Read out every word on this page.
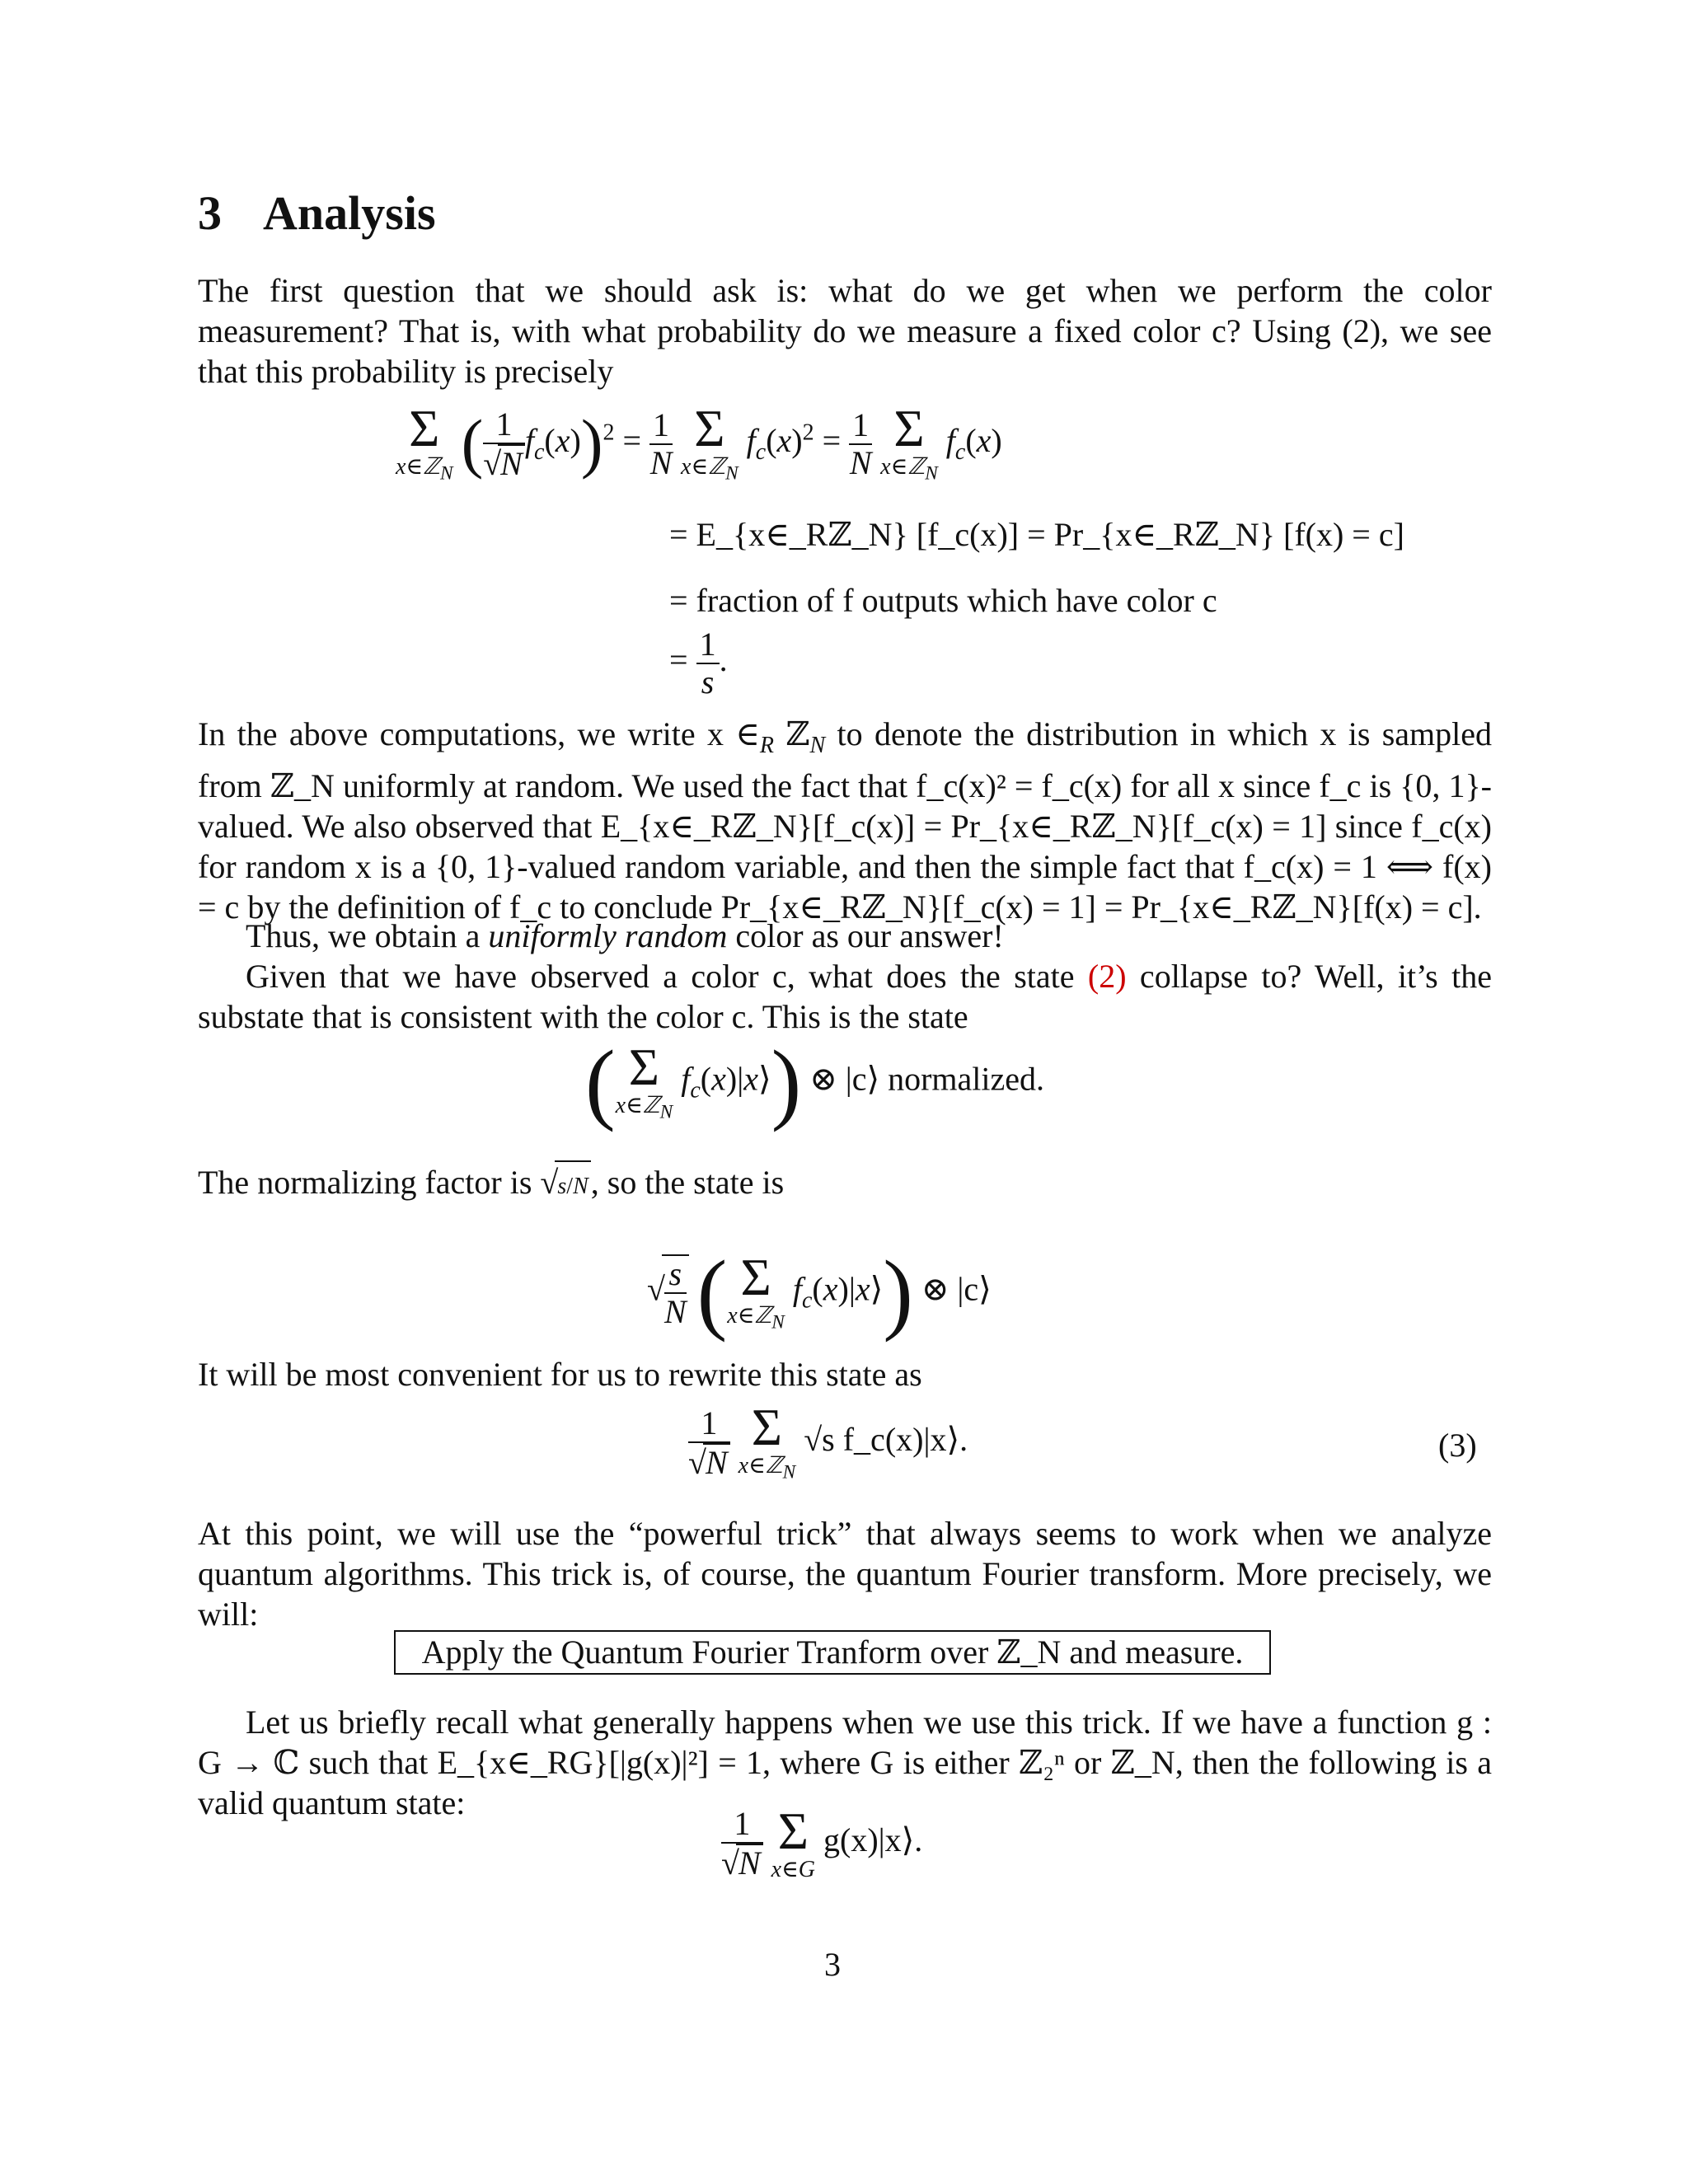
3 Analysis
The first question that we should ask is: what do we get when we perform the color measurement? That is, with what probability do we measure a fixed color c? Using (2), we see that this probability is precisely
Σ
x∈ℤ$_N$ ( $\frac{1}{√N} f_c(x))^2 = \frac{1}{N}$
Σ
x∈ℤ$_N$
$f_c(x)^2 = \frac{1}{N}$
Σ
x∈ℤ$_N$
$f_c(x)$
= E_{x∈_Rℤ_N} [f_c(x)] = Pr_{x∈_Rℤ_N} [f(x) = c]
= fraction of f outputs which have color c
= $\frac{1}{s}$ .
In the above computations, we write x $\in_R$ ℤ$_N$ to denote the distribution in which x is sampled from ℤ_N uniformly at random. We used the fact that f_c(x)² = f_c(x) for all x since f_c is {0, 1}-valued. We also observed that E_{x∈_Rℤ_N}[f_c(x)] = Pr_{x∈_Rℤ_N}[f_c(x) = 1] since f_c(x) for random x is a {0, 1}-valued random variable, and then the simple fact that f_c(x) = 1 ⟺ f(x) = c by the definition of f_c to conclude Pr_{x∈_Rℤ_N}[f_c(x) = 1] = Pr_{x∈_Rℤ_N}[f(x) = c].
Thus, we obtain a uniformly random color as our answer!
Given that we have observed a color c, what does the state (2) collapse to? Well, it’s the substate that is consistent with the color c. This is the state
( Σ
x∈ℤ$_N$
$f_c(x)|x⟩$) ⊗ |c⟩ normalized.
The normalizing factor is √s/N, so the state is
√ $\frac{s}{N}$ ( Σ
x∈ℤ$_N$
$f_c(x)|x⟩$) ⊗ |c⟩
It will be most convenient for us to rewrite this state as
$\frac{1}{√N}$
Σ
x∈ℤ$_N$
√s f_c(x)|x⟩.	(3)
At this point, we will use the “powerful trick” that always seems to work when we analyze quantum algorithms. This trick is, of course, the quantum Fourier transform. More precisely, we will:
Apply the Quantum Fourier Tranform over ℤ_N and measure.
Let us briefly recall what generally happens when we use this trick. If we have a function g : G → ℂ such that E_{x∈_RG}[|g(x)|²] = 1, where G is either ℤ₂ⁿ or ℤ_N, then the following is a valid quantum state:
$\frac{1}{√N}$
Σ
x∈G
g(x)|x⟩.
3
